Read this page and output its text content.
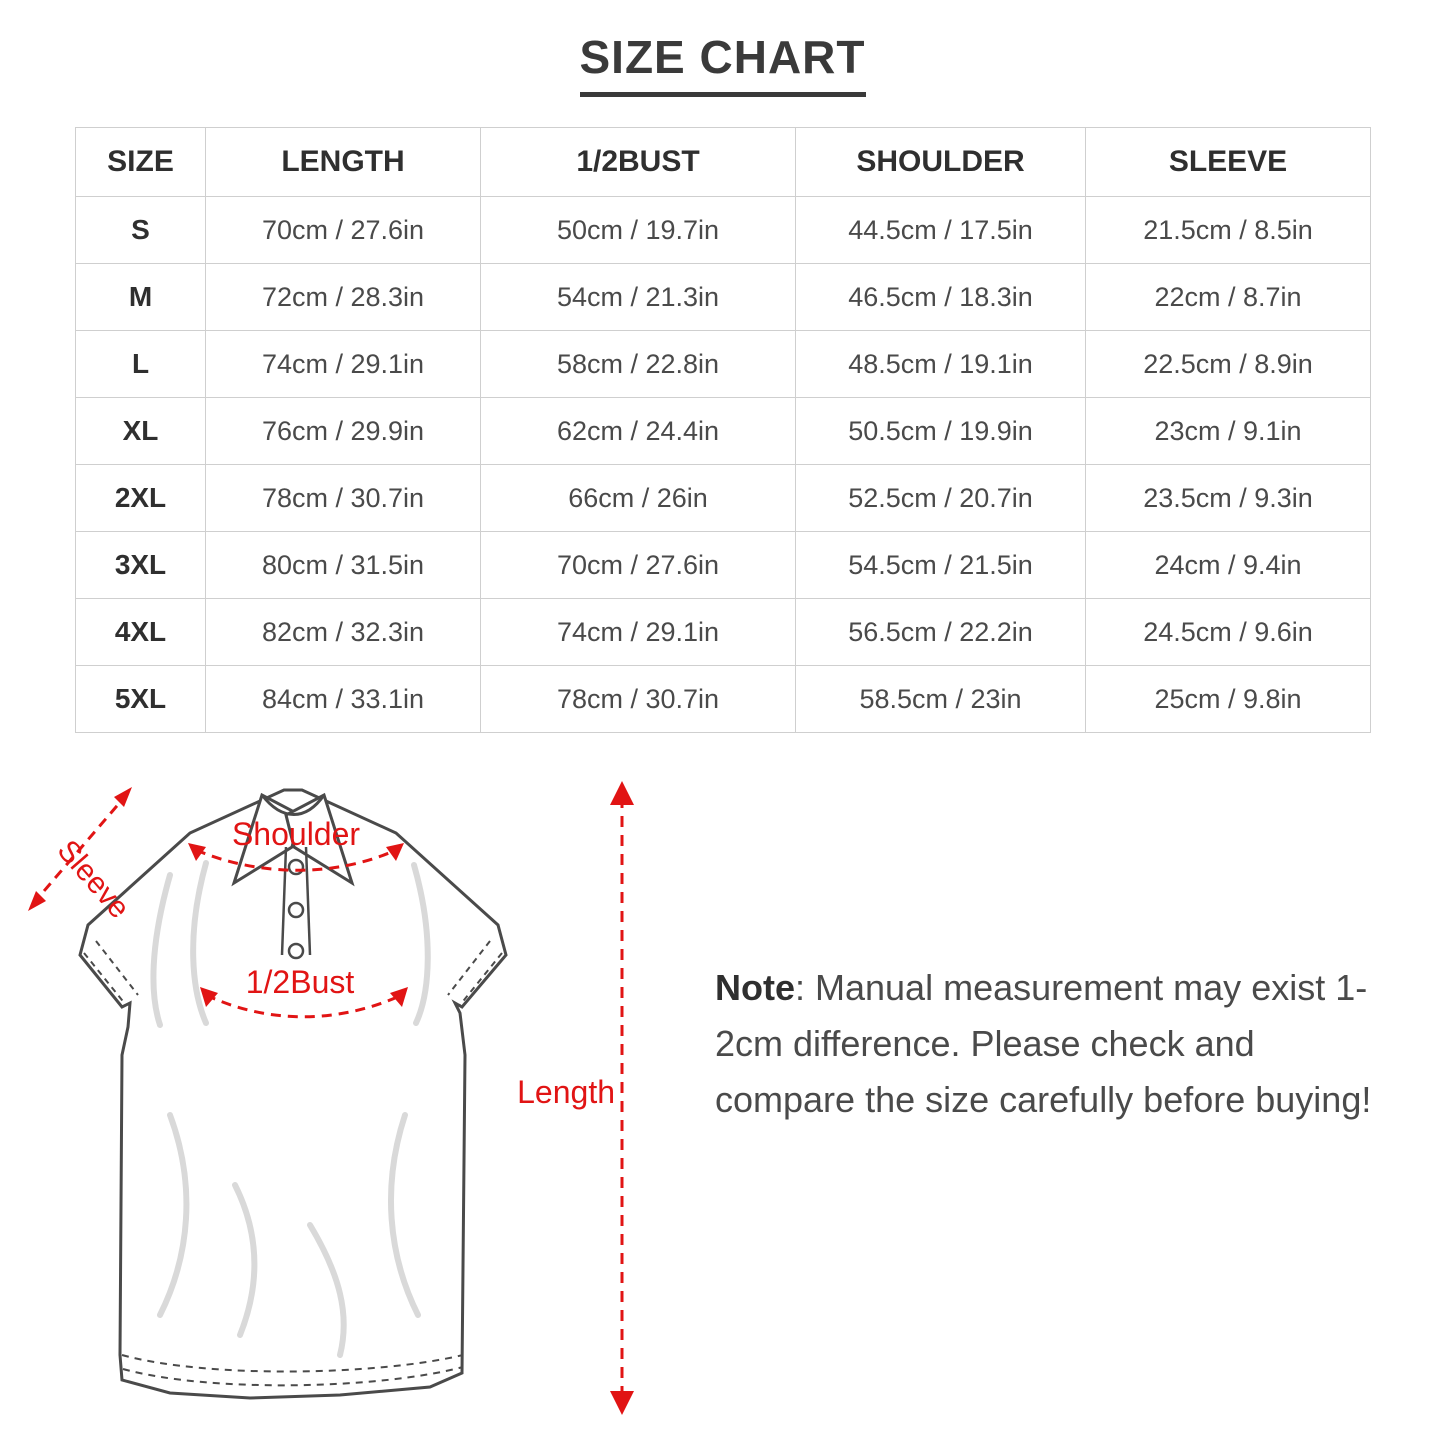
SIZE CHART
SIZE	LENGTH	1/2BUST	SHOULDER	SLEEVE
S	70cm / 27.6in	50cm / 19.7in	44.5cm / 17.5in	21.5cm / 8.5in
M	72cm / 28.3in	54cm / 21.3in	46.5cm / 18.3in	22cm / 8.7in
L	74cm / 29.1in	58cm / 22.8in	48.5cm / 19.1in	22.5cm / 8.9in
XL	76cm / 29.9in	62cm / 24.4in	50.5cm / 19.9in	23cm / 9.1in
2XL	78cm / 30.7in	66cm / 26in	52.5cm / 20.7in	23.5cm / 9.3in
3XL	80cm / 31.5in	70cm / 27.6in	54.5cm / 21.5in	24cm / 9.4in
4XL	82cm / 32.3in	74cm / 29.1in	56.5cm / 22.2in	24.5cm / 9.6in
5XL	84cm / 33.1in	78cm / 30.7in	58.5cm / 23in	25cm / 9.8in
Sleeve	Shoulder
1/2Bust
Length
Note: Manual measurement may exist 1-2cm difference. Please check and compare the size carefully before buying!
